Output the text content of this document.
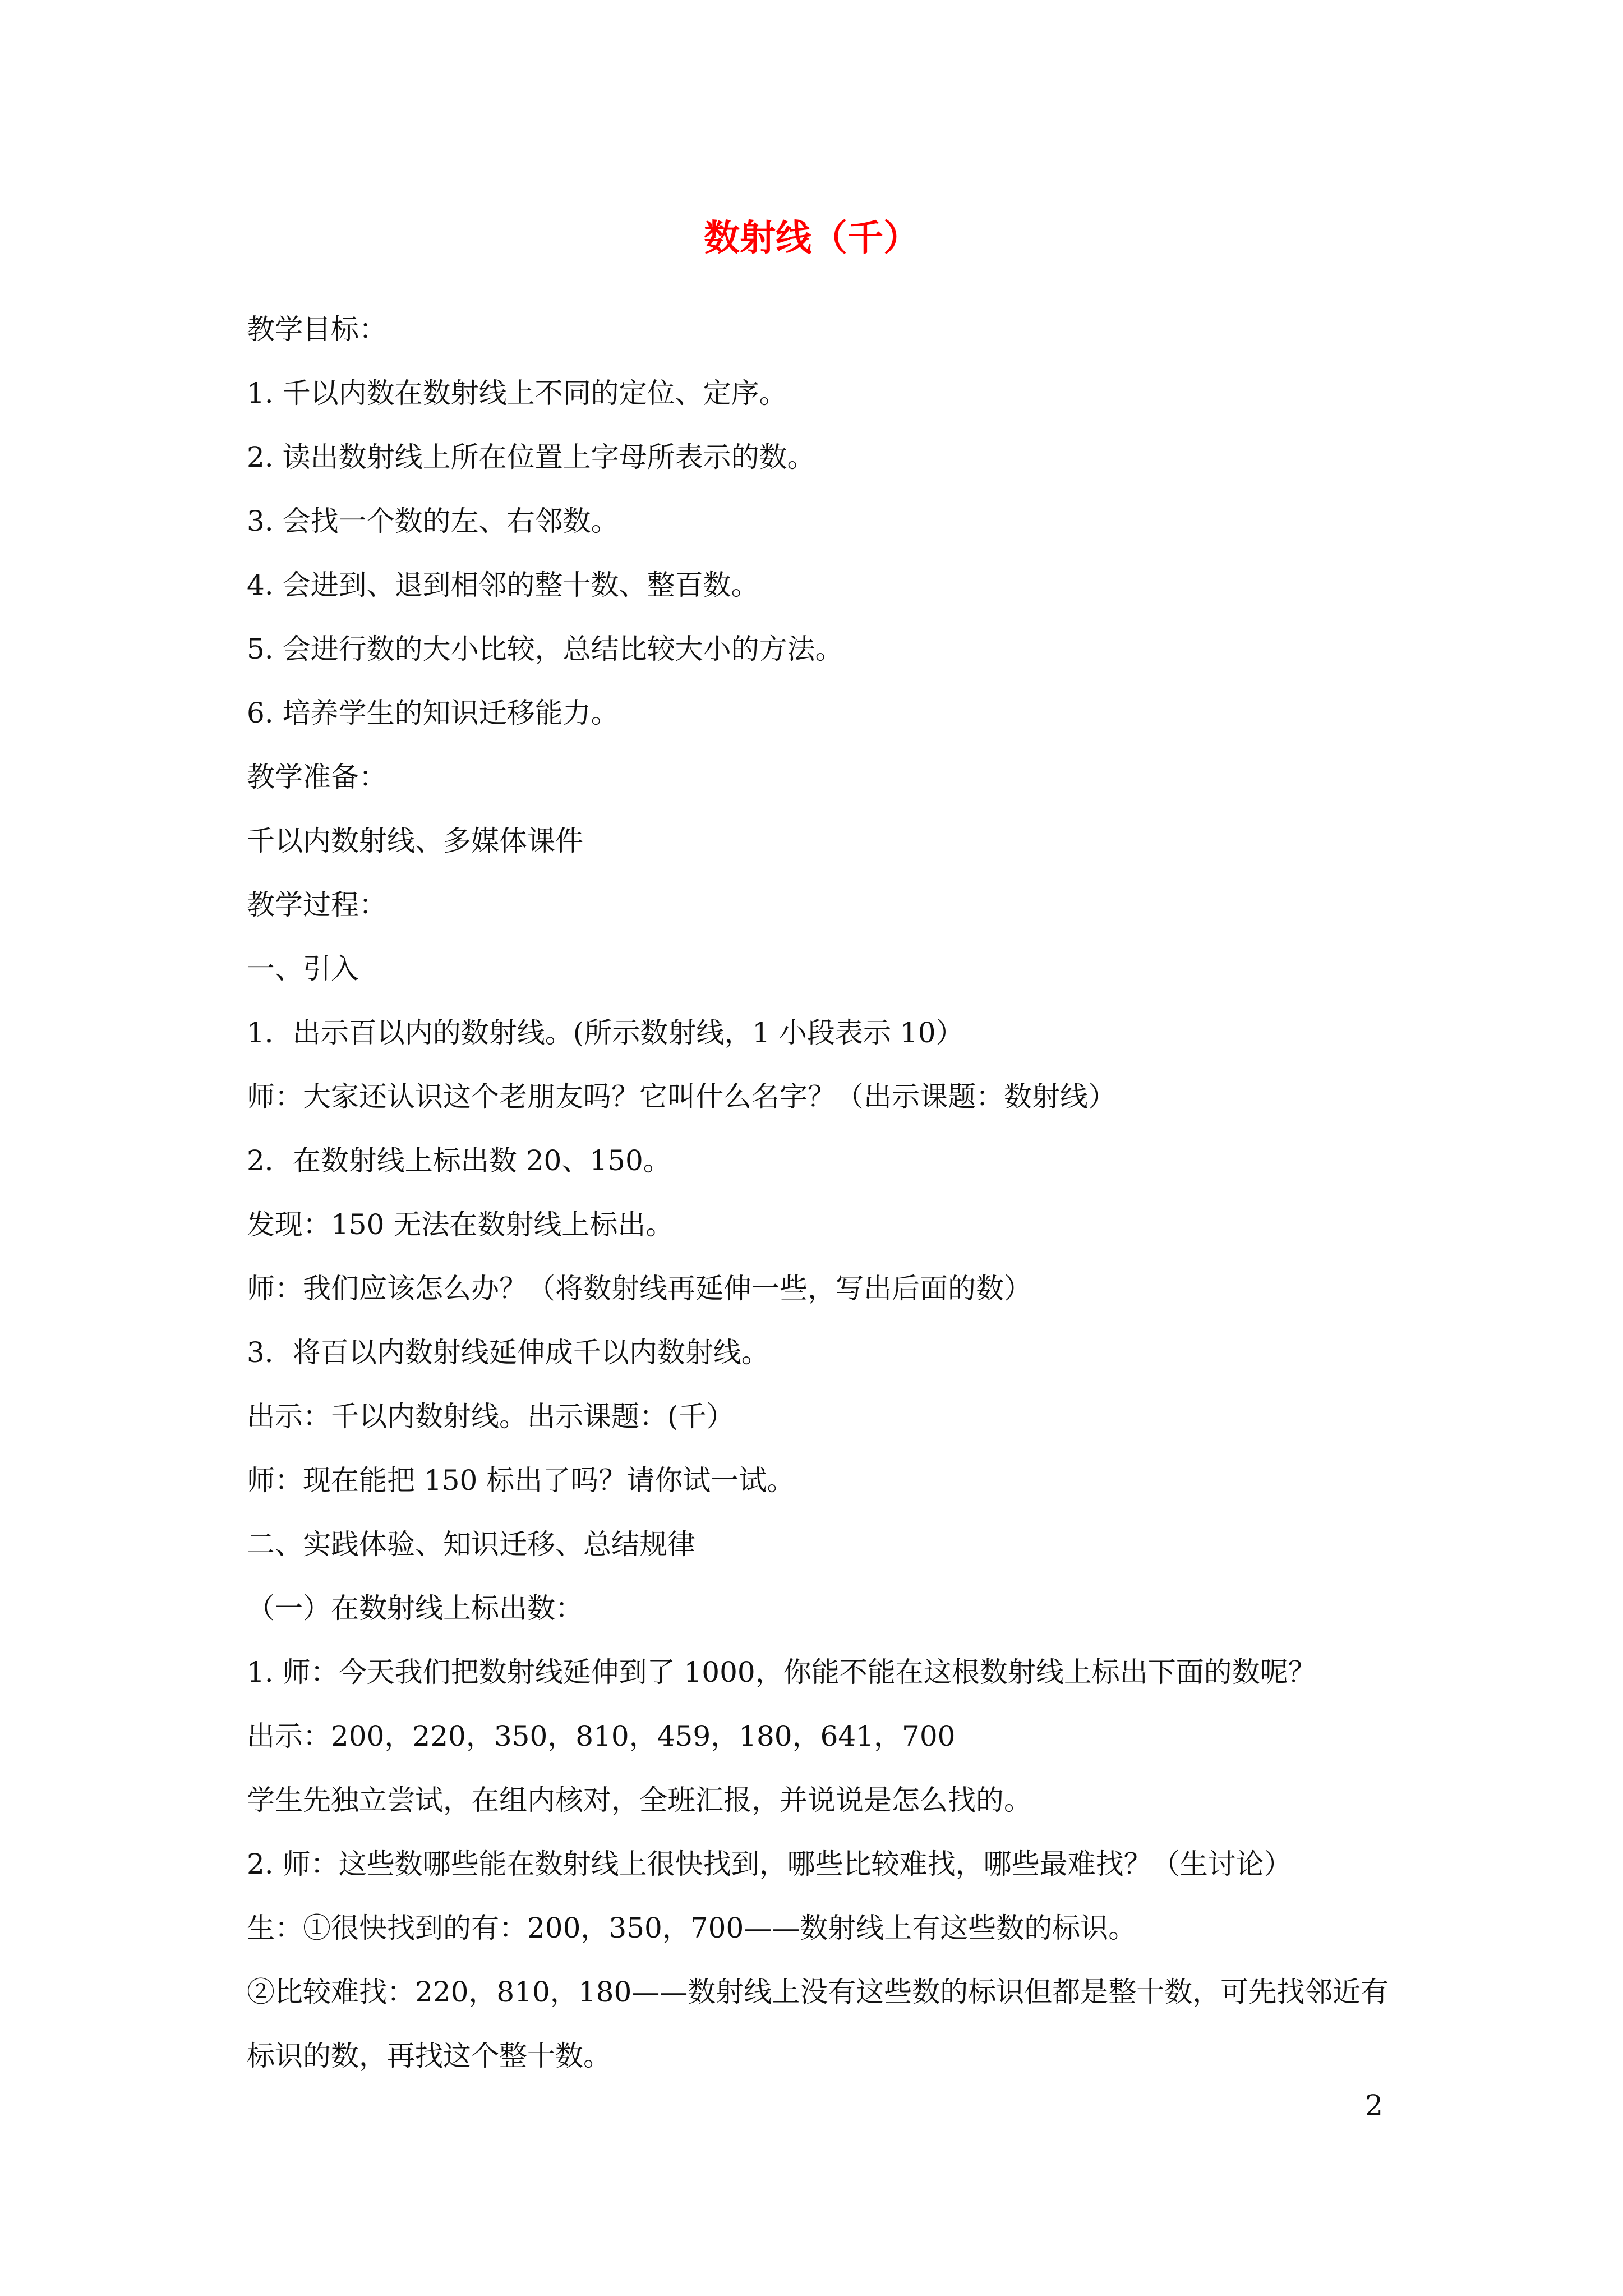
数射线（千）
教学目标：
1. 千以内数在数射线上不同的定位、定序。
2. 读出数射线上所在位置上字母所表示的数。
3. 会找一个数的左、右邻数。
4. 会进到、退到相邻的整十数、整百数。
5. 会进行数的大小比较，总结比较大小的方法。
6. 培养学生的知识迁移能力。
教学准备：
千以内数射线、多媒体课件
教学过程：
一、引入
1．出示百以内的数射线。(所示数射线，1 小段表示 10）
师：大家还认识这个老朋友吗？它叫什么名字？（出示课题：数射线）
2．在数射线上标出数 20、150。
发现：150 无法在数射线上标出。
师：我们应该怎么办？（将数射线再延伸一些，写出后面的数）
3．将百以内数射线延伸成千以内数射线。
出示：千以内数射线。出示课题：(千）
师：现在能把 150 标出了吗？请你试一试。
二、实践体验、知识迁移、总结规律
（一）在数射线上标出数：
1. 师：今天我们把数射线延伸到了 1000，你能不能在这根数射线上标出下面的数呢？
出示：200，220，350，810，459，180，641，700
学生先独立尝试，在组内核对，全班汇报，并说说是怎么找的。
2. 师：这些数哪些能在数射线上很快找到，哪些比较难找，哪些最难找？（生讨论）
生：①很快找到的有：200，350，700——数射线上有这些数的标识。
②比较难找：220，810，180——数射线上没有这些数的标识但都是整十数，可先找邻近有
标识的数，再找这个整十数。
2
